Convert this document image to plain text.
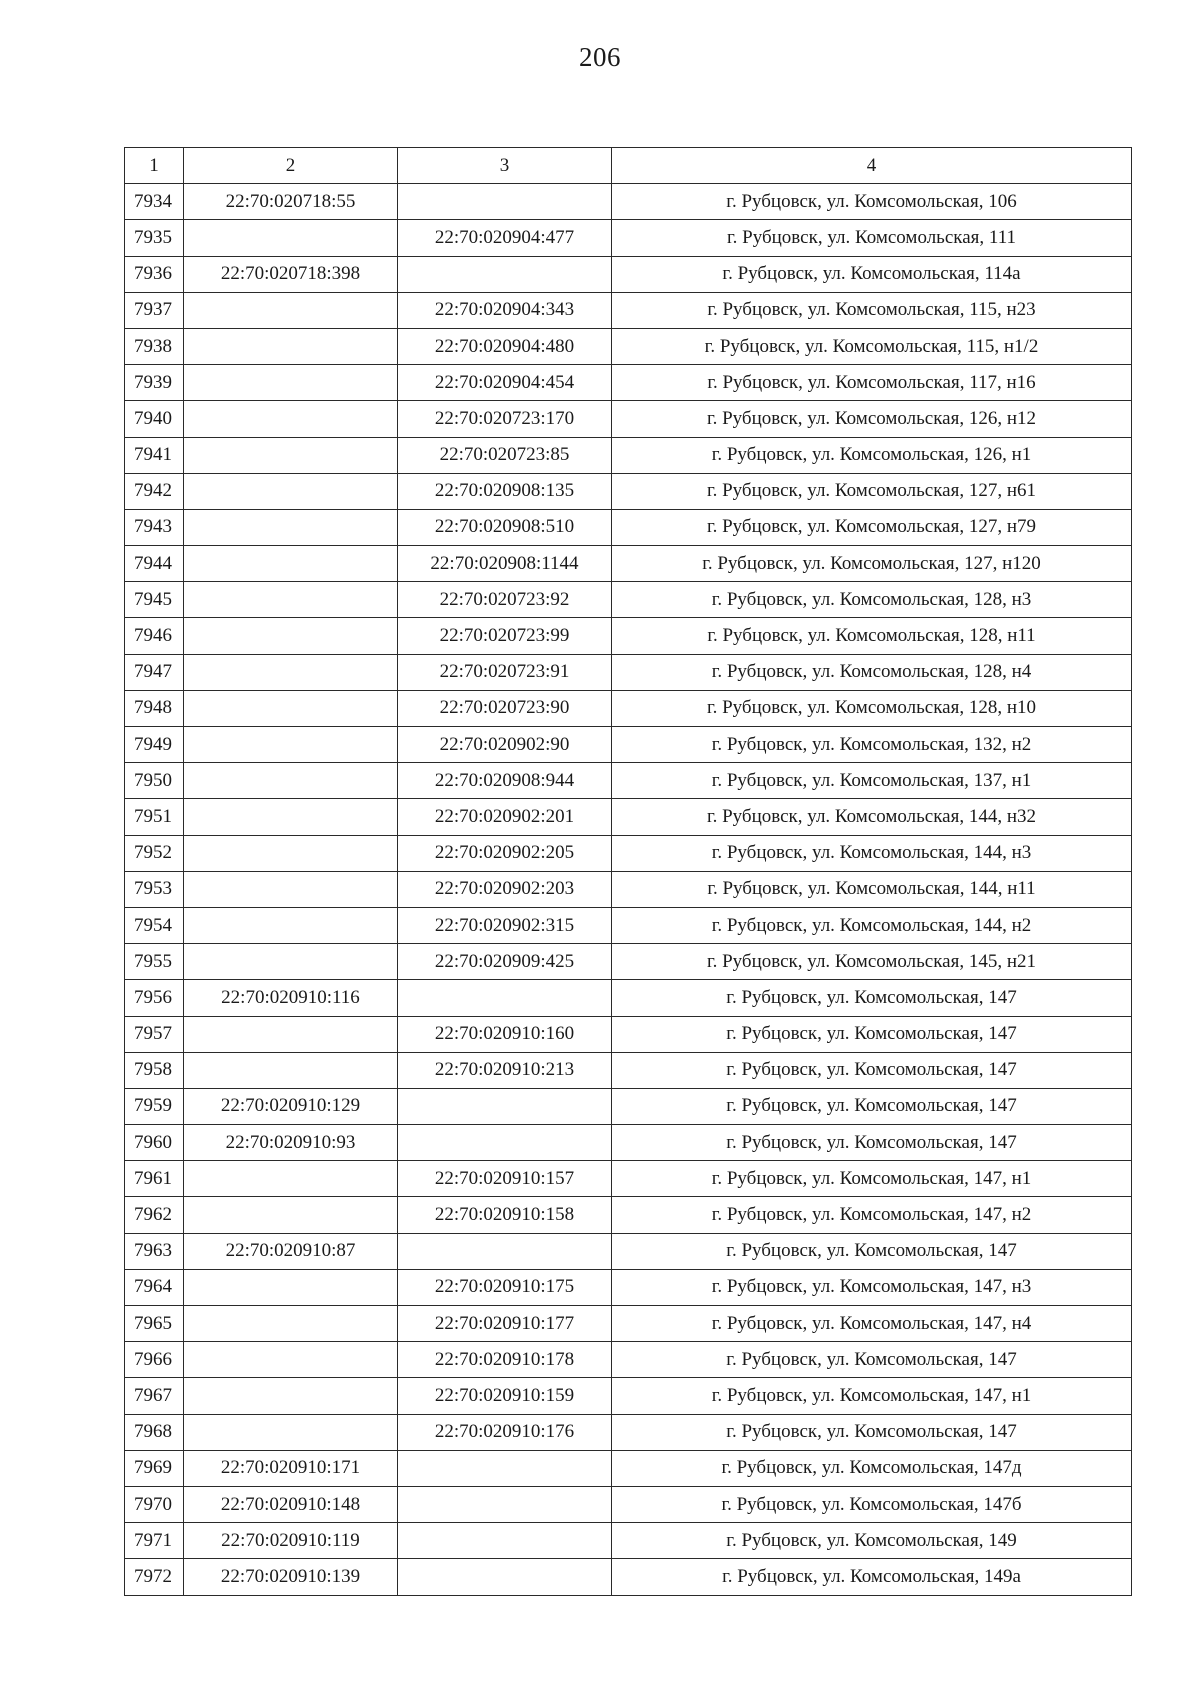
206
1	2	3	4
7934	22:70:020718:55		г. Рубцовск, ул. Комсомольская, 106
7935		22:70:020904:477	г. Рубцовск, ул. Комсомольская, 111
7936	22:70:020718:398		г. Рубцовск, ул. Комсомольская, 114а
7937		22:70:020904:343	г. Рубцовск, ул. Комсомольская, 115, н23
7938		22:70:020904:480	г. Рубцовск, ул. Комсомольская, 115, н1/2
7939		22:70:020904:454	г. Рубцовск, ул. Комсомольская, 117, н16
7940		22:70:020723:170	г. Рубцовск, ул. Комсомольская, 126, н12
7941		22:70:020723:85	г. Рубцовск, ул. Комсомольская, 126, н1
7942		22:70:020908:135	г. Рубцовск, ул. Комсомольская, 127, н61
7943		22:70:020908:510	г. Рубцовск, ул. Комсомольская, 127, н79
7944		22:70:020908:1144	г. Рубцовск, ул. Комсомольская, 127, н120
7945		22:70:020723:92	г. Рубцовск, ул. Комсомольская, 128, н3
7946		22:70:020723:99	г. Рубцовск, ул. Комсомольская, 128, н11
7947		22:70:020723:91	г. Рубцовск, ул. Комсомольская, 128, н4
7948		22:70:020723:90	г. Рубцовск, ул. Комсомольская, 128, н10
7949		22:70:020902:90	г. Рубцовск, ул. Комсомольская, 132, н2
7950		22:70:020908:944	г. Рубцовск, ул. Комсомольская, 137, н1
7951		22:70:020902:201	г. Рубцовск, ул. Комсомольская, 144, н32
7952		22:70:020902:205	г. Рубцовск, ул. Комсомольская, 144, н3
7953		22:70:020902:203	г. Рубцовск, ул. Комсомольская, 144, н11
7954		22:70:020902:315	г. Рубцовск, ул. Комсомольская, 144, н2
7955		22:70:020909:425	г. Рубцовск, ул. Комсомольская, 145, н21
7956	22:70:020910:116		г. Рубцовск, ул. Комсомольская, 147
7957		22:70:020910:160	г. Рубцовск, ул. Комсомольская, 147
7958		22:70:020910:213	г. Рубцовск, ул. Комсомольская, 147
7959	22:70:020910:129		г. Рубцовск, ул. Комсомольская, 147
7960	22:70:020910:93		г. Рубцовск, ул. Комсомольская, 147
7961		22:70:020910:157	г. Рубцовск, ул. Комсомольская, 147, н1
7962		22:70:020910:158	г. Рубцовск, ул. Комсомольская, 147, н2
7963	22:70:020910:87		г. Рубцовск, ул. Комсомольская, 147
7964		22:70:020910:175	г. Рубцовск, ул. Комсомольская, 147, н3
7965		22:70:020910:177	г. Рубцовск, ул. Комсомольская, 147, н4
7966		22:70:020910:178	г. Рубцовск, ул. Комсомольская, 147
7967		22:70:020910:159	г. Рубцовск, ул. Комсомольская, 147, н1
7968		22:70:020910:176	г. Рубцовск, ул. Комсомольская, 147
7969	22:70:020910:171		г. Рубцовск, ул. Комсомольская, 147д
7970	22:70:020910:148		г. Рубцовск, ул. Комсомольская, 147б
7971	22:70:020910:119		г. Рубцовск, ул. Комсомольская, 149
7972	22:70:020910:139		г. Рубцовск, ул. Комсомольская, 149а
